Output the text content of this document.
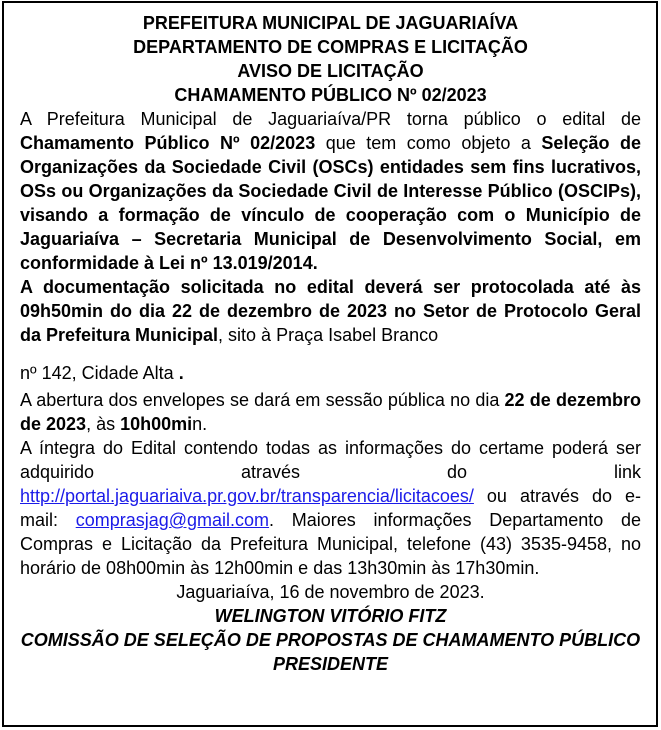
PREFEITURA MUNICIPAL DE JAGUARIAÍVA
DEPARTAMENTO DE COMPRAS E LICITAÇÃO
AVISO DE LICITAÇÃO
CHAMAMENTO PÚBLICO Nº 02/2023

A Prefeitura Municipal de Jaguariaíva/PR torna público o edital de Chamamento Público Nº 02/2023 que tem como objeto a Seleção de Organizações da Sociedade Civil (OSCs) entidades sem fins lucrativos, OSs ou Organizações da Sociedade Civil de Interesse Público (OSCIPs), visando a formação de vínculo de cooperação com o Município de Jaguariaíva – Secretaria Municipal de Desenvolvimento Social, em conformidade à Lei nº 13.019/2014.

A documentação solicitada no edital deverá ser protocolada até às 09h50min do dia 22 de dezembro de 2023 no Setor de Protocolo Geral da Prefeitura Municipal, sito à Praça Isabel Branco

nº 142, Cidade Alta .

A abertura dos envelopes se dará em sessão pública no dia 22 de dezembro de 2023, às 10h00min.

A íntegra do Edital contendo todas as informações do certame poderá ser adquirido através do link http://portal.jaguariaiva.pr.gov.br/transparencia/licitacoes/ ou através do e-mail: comprasjag@gmail.com. Maiores informações Departamento de Compras e Licitação da Prefeitura Municipal, telefone (43) 3535-9458, no horário de 08h00min às 12h00min e das 13h30min às 17h30min.

Jaguariaíva, 16 de novembro de 2023.
WELINGTON VITÓRIO FITZ
COMISSÃO DE SELEÇÃO DE PROPOSTAS DE CHAMAMENTO PÚBLICO
PRESIDENTE
